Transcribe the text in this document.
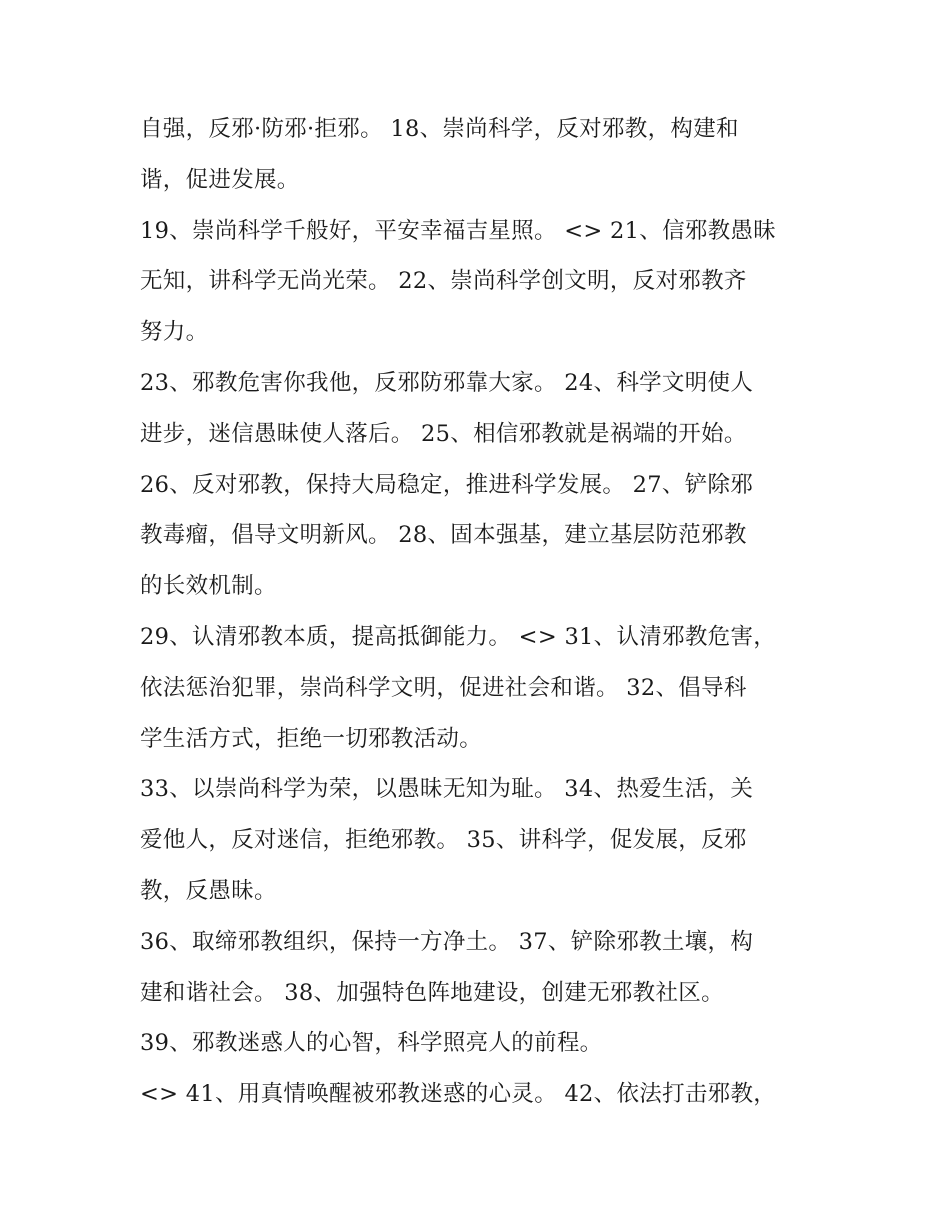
自强，反邪·防邪·拒邪。 18、崇尚科学，反对邪教，构建和
谐，促进发展。
19、崇尚科学千般好，平安幸福吉星照。 <> 21、信邪教愚昧
无知，讲科学无尚光荣。 22、崇尚科学创文明，反对邪教齐
努力。
23、邪教危害你我他，反邪防邪靠大家。 24、科学文明使人
进步，迷信愚昧使人落后。 25、相信邪教就是祸端的开始。
26、反对邪教，保持大局稳定，推进科学发展。 27、铲除邪
教毒瘤，倡导文明新风。 28、固本强基，建立基层防范邪教
的长效机制。
29、认清邪教本质，提高抵御能力。 <> 31、认清邪教危害，
依法惩治犯罪，崇尚科学文明，促进社会和谐。 32、倡导科
学生活方式，拒绝一切邪教活动。
33、以崇尚科学为荣，以愚昧无知为耻。 34、热爱生活，关
爱他人，反对迷信，拒绝邪教。 35、讲科学，促发展，反邪
教，反愚昧。
36、取缔邪教组织，保持一方净土。 37、铲除邪教土壤，构
建和谐社会。 38、加强特色阵地建设，创建无邪教社区。
39、邪教迷惑人的心智，科学照亮人的前程。
<> 41、用真情唤醒被邪教迷惑的心灵。 42、依法打击邪教，
